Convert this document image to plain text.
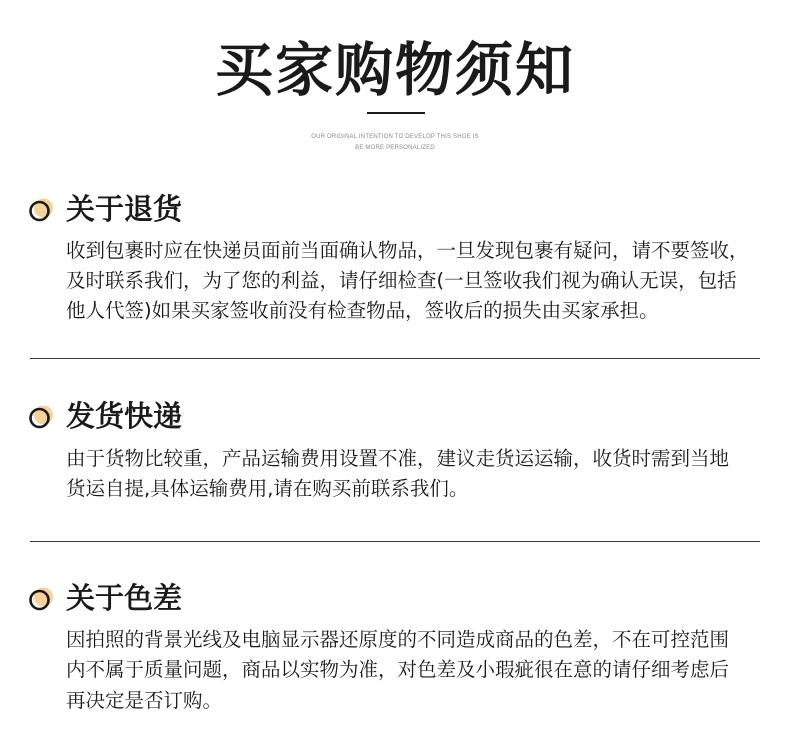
买家购物须知
OUR ORIGINAL INTENTION TO DEVELOP THIS SHOE IS
BE MORE PERSONALIZED
关于退货
收到包裹时应在快递员面前当面确认物品，一旦发现包裹有疑问，请不要签收，
及时联系我们，为了您的利益，请仔细检查(一旦签收我们视为确认无误，包括
他人代签)如果买家签收前没有检查物品，签收后的损失由买家承担。
发货快递
由于货物比较重，产品运输费用设置不准，建议走货运运输，收货时需到当地
货运自提,具体运输费用,请在购买前联系我们。
关于色差
因拍照的背景光线及电脑显示器还原度的不同造成商品的色差，不在可控范围
内不属于质量问题，商品以实物为准，对色差及小瑕疵很在意的请仔细考虑后
再决定是否订购。
